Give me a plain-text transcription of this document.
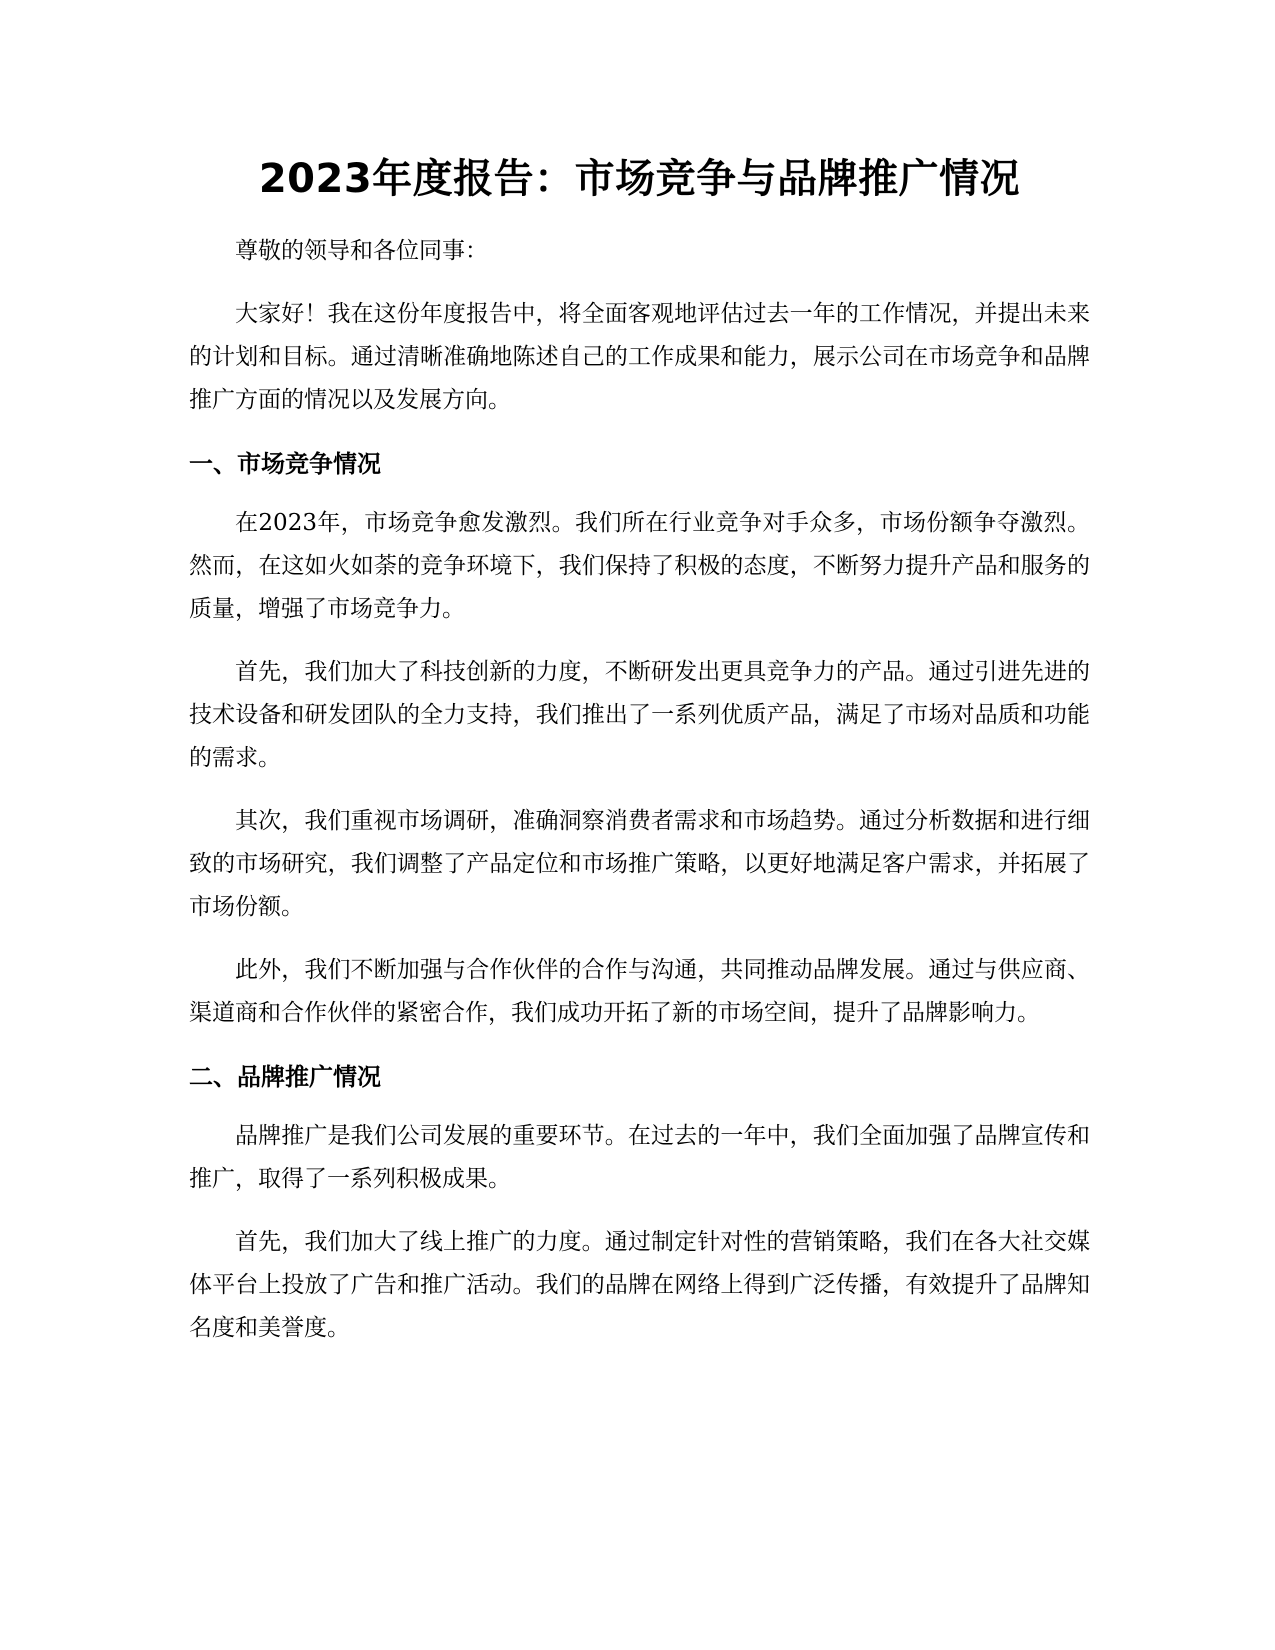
2023年度报告：市场竞争与品牌推广情况

尊敬的领导和各位同事：

大家好！我在这份年度报告中，将全面客观地评估过去一年的工作情况，并提出未来的计划和目标。通过清晰准确地陈述自己的工作成果和能力，展示公司在市场竞争和品牌推广方面的情况以及发展方向。

一、市场竞争情况

在2023年，市场竞争愈发激烈。我们所在行业竞争对手众多，市场份额争夺激烈。然而，在这如火如荼的竞争环境下，我们保持了积极的态度，不断努力提升产品和服务的质量，增强了市场竞争力。

首先，我们加大了科技创新的力度，不断研发出更具竞争力的产品。通过引进先进的技术设备和研发团队的全力支持，我们推出了一系列优质产品，满足了市场对品质和功能的需求。

其次，我们重视市场调研，准确洞察消费者需求和市场趋势。通过分析数据和进行细致的市场研究，我们调整了产品定位和市场推广策略，以更好地满足客户需求，并拓展了市场份额。

此外，我们不断加强与合作伙伴的合作与沟通，共同推动品牌发展。通过与供应商、渠道商和合作伙伴的紧密合作，我们成功开拓了新的市场空间，提升了品牌影响力。

二、品牌推广情况

品牌推广是我们公司发展的重要环节。在过去的一年中，我们全面加强了品牌宣传和推广，取得了一系列积极成果。

首先，我们加大了线上推广的力度。通过制定针对性的营销策略，我们在各大社交媒体平台上投放了广告和推广活动。我们的品牌在网络上得到广泛传播，有效提升了品牌知名度和美誉度。
